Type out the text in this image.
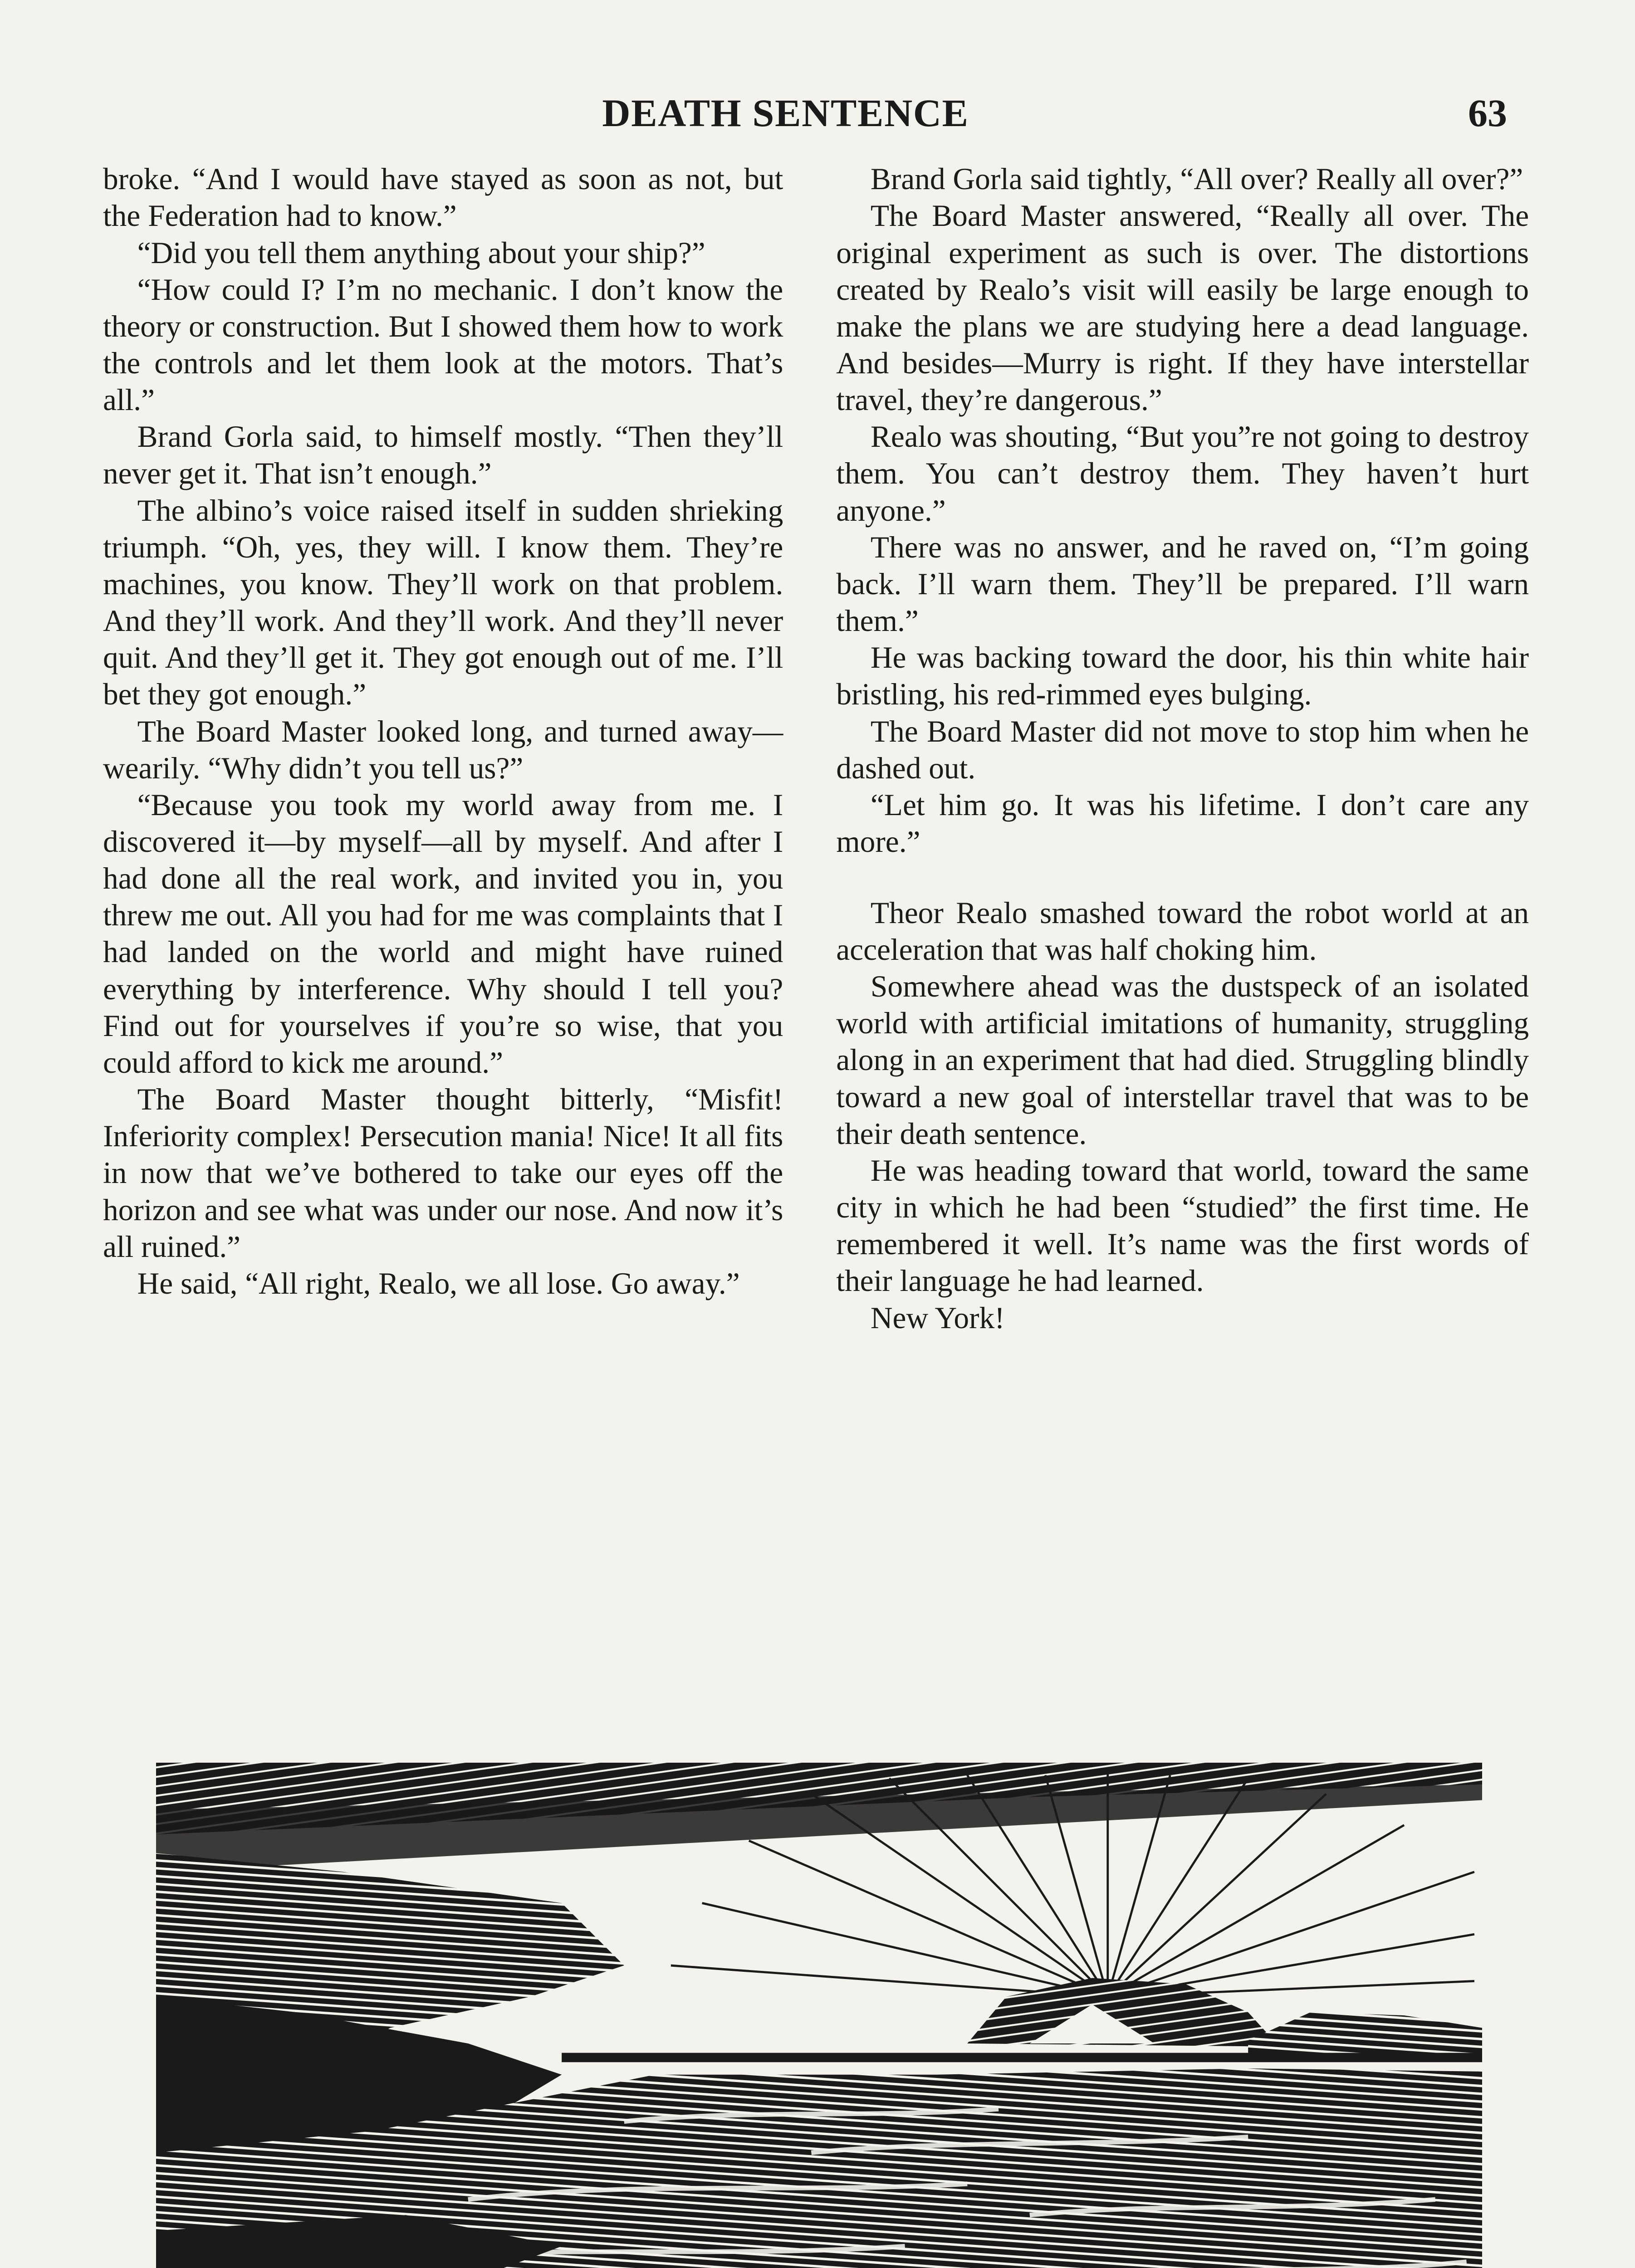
DEATH SENTENCE	63

broke. “And I would have stayed as soon as not, but the Federation had to know.”

“Did you tell them anything about your ship?”

“How could I? I’m no mechanic. I don’t know the theory or construction. But I showed them how to work the controls and let them look at the motors. That’s all.”

Brand Gorla said, to himself mostly. “Then they’ll never get it. That isn’t enough.”

The albino’s voice raised itself in sudden shrieking triumph. “Oh, yes, they will. I know them. They’re machines, you know. They’ll work on that problem. And they’ll work. And they’ll work. And they’ll never quit. And they’ll get it. They got enough out of me. I’ll bet they got enough.”

The Board Master looked long, and turned away—wearily. “Why didn’t you tell us?”

“Because you took my world away from me. I discovered it—by myself—all by myself. And after I had done all the real work, and invited you in, you threw me out. All you had for me was complaints that I had landed on the world and might have ruined everything by interference. Why should I tell you? Find out for yourselves if you’re so wise, that you could afford to kick me around.”

The Board Master thought bitterly, “Misfit! Inferiority complex! Persecution mania! Nice! It all fits in now that we’ve bothered to take our eyes off the horizon and see what was under our nose. And now it’s all ruined.”

He said, “All right, Realo, we all lose. Go away.”

Brand Gorla said tightly, “All over? Really all over?”

The Board Master answered, “Really all over. The original experiment as such is over. The distortions created by Realo’s visit will easily be large enough to make the plans we are studying here a dead language. And besides—Murry is right. If they have interstellar travel, they’re dangerous.”

Realo was shouting, “But you”re not going to destroy them. You can’t destroy them. They haven’t hurt anyone.”

There was no answer, and he raved on, “I’m going back. I’ll warn them. They’ll be prepared. I’ll warn them.”

He was backing toward the door, his thin white hair bristling, his red-rimmed eyes bulging.

The Board Master did not move to stop him when he dashed out.

“Let him go. It was his lifetime. I don’t care any more.”

Theor Realo smashed toward the robot world at an acceleration that was half choking him.

Somewhere ahead was the dustspeck of an isolated world with artificial imitations of humanity, struggling along in an experiment that had died. Struggling blindly toward a new goal of interstellar travel that was to be their death sentence.

He was heading toward that world, toward the same city in which he had been “studied” the first time. He remembered it well. It’s name was the first words of their language he had learned.

New York!
